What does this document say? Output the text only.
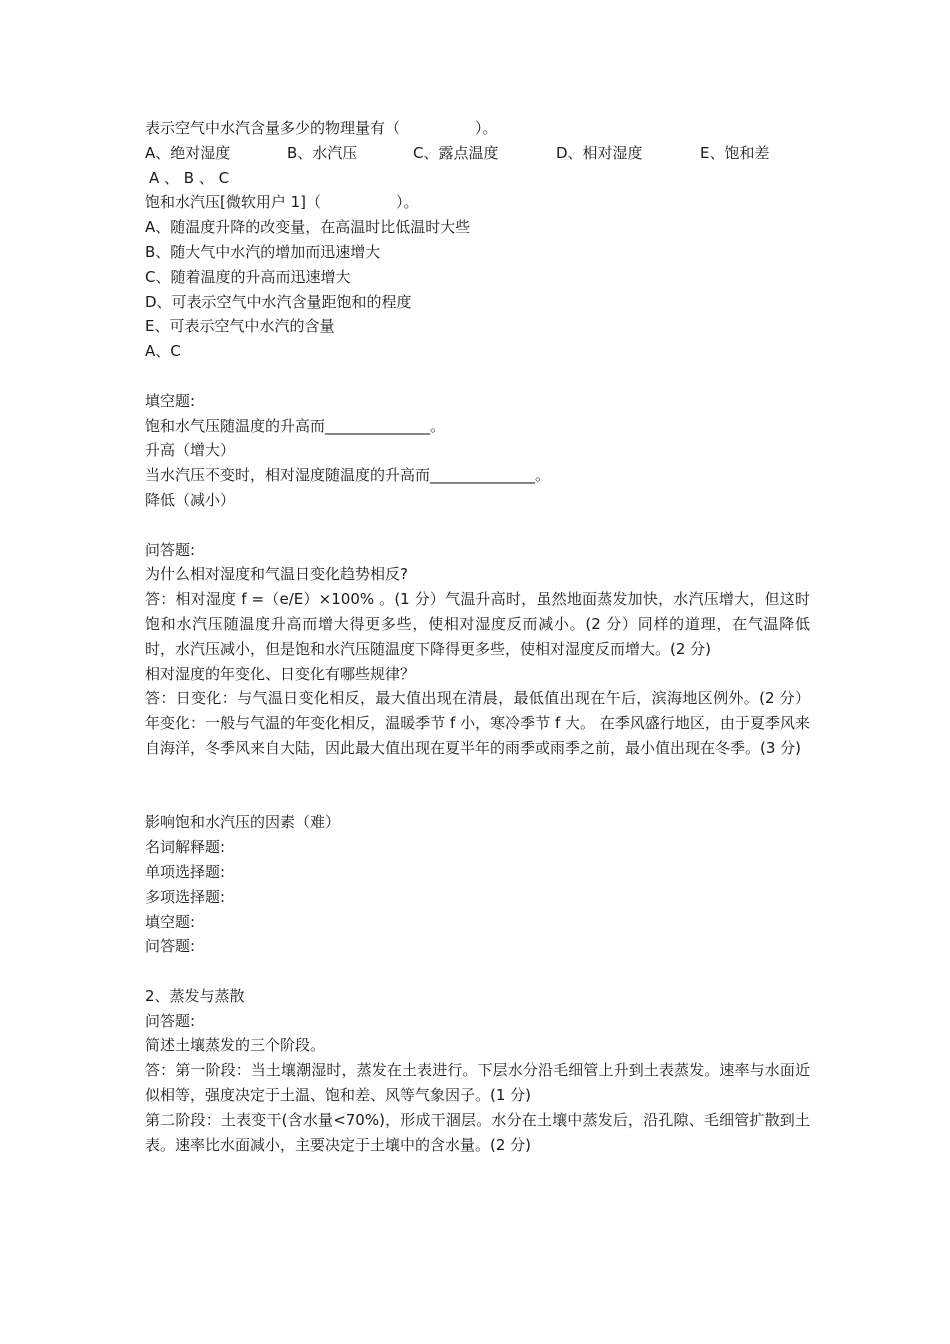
表示空气中水汽含量多少的物理量有（　　　　　）。

A、绝对湿度	B、水汽压	C、露点温度	D、相对湿度	E、饱和差

A 、 B 、 C

饱和水汽压[微软用户 1]（　　　　　）。

A、随温度升降的改变量，在高温时比低温时大些

B、随大气中水汽的增加而迅速增大

C、随着温度的升高而迅速增大

D、可表示空气中水汽含量距饱和的程度

E、可表示空气中水汽的含量

A、C

填空题:

饱和水气压随温度的升高而______________。

升高（增大）

当水汽压不变时，相对湿度随温度的升高而______________。

降低（减小）

问答题:

为什么相对湿度和气温日变化趋势相反?

答：相对湿度 f =（e/E）×100% 。(1 分）气温升高时，虽然地面蒸发加快，水汽压增大，但这时饱和水汽压随温度升高而增大得更多些，使相对湿度反而减小。(2 分）同样的道理，在气温降低时，水汽压减小，但是饱和水汽压随温度下降得更多些，使相对湿度反而增大。(2 分)

相对湿度的年变化、日变化有哪些规律？

答：日变化：与气温日变化相反，最大值出现在清晨，最低值出现在午后，滨海地区例外。(2 分）年变化：一般与气温的年变化相反，温暖季节 f 小，寒冷季节 f 大。 在季风盛行地区，由于夏季风来自海洋，冬季风来自大陆，因此最大值出现在夏半年的雨季或雨季之前，最小值出现在冬季。(3 分)

影响饱和水汽压的因素（难）

名词解释题:

单项选择题:

多项选择题:

填空题:

问答题:

2、蒸发与蒸散

问答题:

简述土壤蒸发的三个阶段。

答：第一阶段：当土壤潮湿时，蒸发在土表进行。下层水分沿毛细管上升到土表蒸发。速率与水面近似相等，强度决定于土温、饱和差、风等气象因子。(1 分)

第二阶段：土表变干(含水量<70%)，形成干涸层。水分在土壤中蒸发后，沿孔隙、毛细管扩散到土表。速率比水面减小，主要决定于土壤中的含水量。(2 分)
